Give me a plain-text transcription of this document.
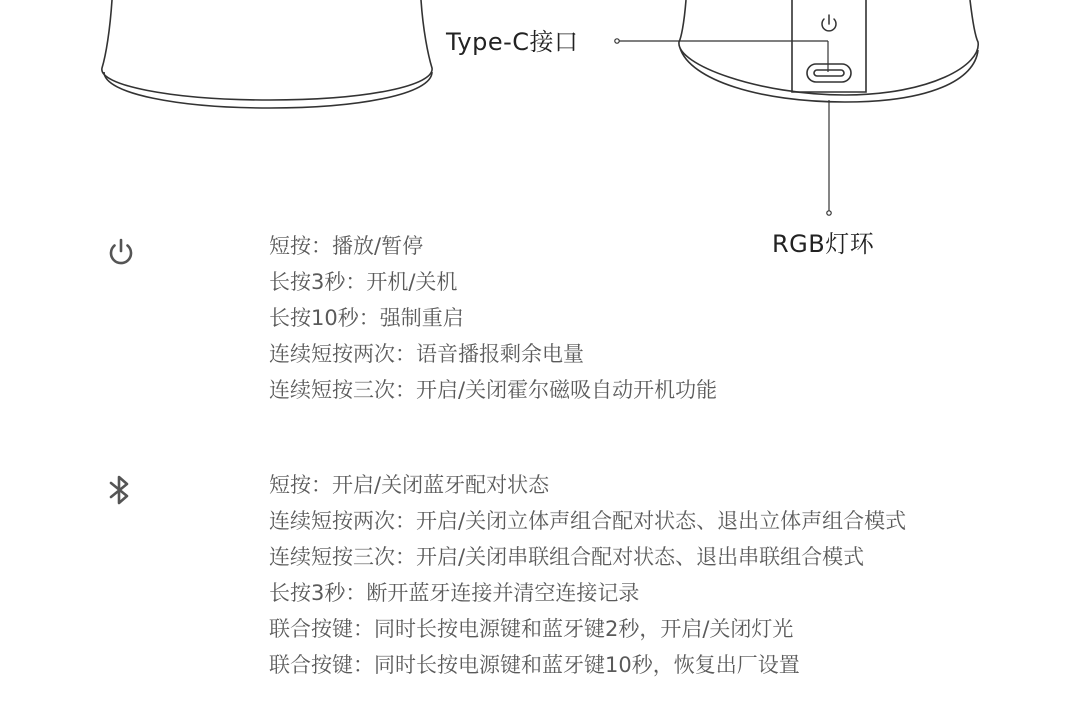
Type-C接口
RGB灯环
短按：播放/暂停
长按3秒：开机/关机
长按10秒：强制重启
连续短按两次：语音播报剩余电量
连续短按三次：开启/关闭霍尔磁吸自动开机功能
短按：开启/关闭蓝牙配对状态
连续短按两次：开启/关闭立体声组合配对状态、退出立体声组合模式
连续短按三次：开启/关闭串联组合配对状态、退出串联组合模式
长按3秒：断开蓝牙连接并清空连接记录
联合按键：同时长按电源键和蓝牙键2秒，开启/关闭灯光
联合按键：同时长按电源键和蓝牙键10秒，恢复出厂设置
